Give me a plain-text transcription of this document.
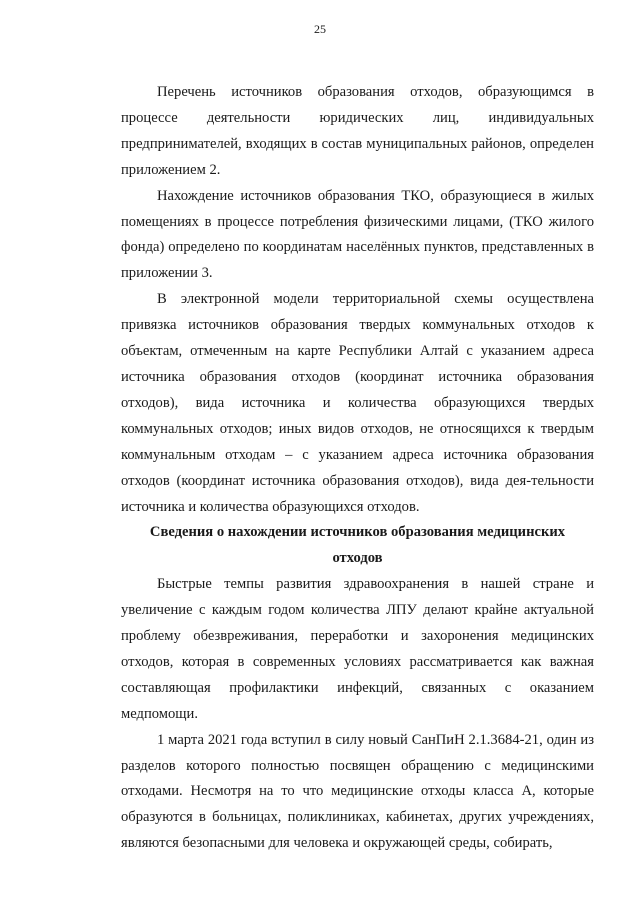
25

Перечень источников образования отходов, образующимся в процессе деятельности юридических лиц, индивидуальных предпринимателей, входящих в состав муниципальных районов, определен приложением 2.

Нахождение источников образования ТКО, образующиеся в жилых помещениях в процессе потребления физическими лицами, (ТКО жилого фонда) определено по координатам населённых пунктов, представленных в приложении 3.

В электронной модели территориальной схемы осуществлена привязка источников образования твердых коммунальных отходов к объектам, отмеченным на карте Республики Алтай с указанием адреса источника образования отходов (координат источника образования отходов), вида источника и количества образующихся твердых коммунальных отходов; иных видов отходов, не относящихся к твердым коммунальным отходам – с указанием адреса источника образования отходов (координат источника образования отходов), вида дея-тельности источника и количества образующихся отходов.

Сведения о нахождении источников образования медицинских отходов

Быстрые темпы развития здравоохранения в нашей стране и увеличение с каждым годом количества ЛПУ делают крайне актуальной проблему обезвреживания, переработки и захоронения медицинских отходов, которая в современных условиях рассматривается как важная составляющая профилактики инфекций, связанных с оказанием медпомощи.

1 марта 2021 года вступил в силу новый СанПиН 2.1.3684-21, один из разделов которого полностью посвящен обращению с медицинскими отходами. Несмотря на то что медицинские отходы класса А, которые образуются в больницах, поликлиниках, кабинетах, других учреждениях, являются безопасными для человека и окружающей среды, собирать,
